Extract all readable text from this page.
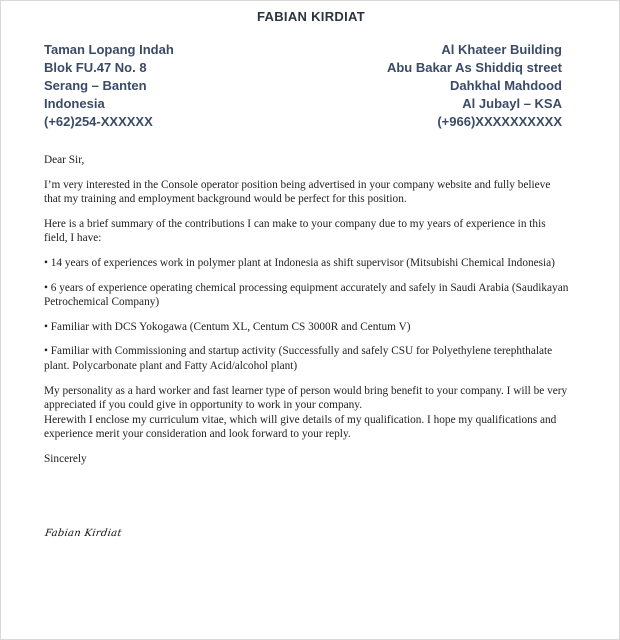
FABIAN KIRDIAT
Taman Lopang Indah
Blok FU.47 No. 8
Serang – Banten
Indonesia
(+62)254-XXXXXX
Al Khateer Building
Abu Bakar As Shiddiq street
Dahkhal Mahdood
Al Jubayl – KSA
(+966)XXXXXXXXXX

Dear Sir,

I’m very interested in the Console operator position being advertised in your company website and fully believe that my training and employment background would be perfect for this position.

Here is a brief summary of the contributions I can make to your company due to my years of experience in this field, I have:

• 14 years of experiences work in polymer plant at Indonesia as shift supervisor (Mitsubishi Chemical Indonesia)

• 6 years of experience operating chemical processing equipment accurately and safely in Saudi Arabia (Saudikayan Petrochemical Company)

• Familiar with DCS Yokogawa (Centum XL, Centum CS 3000R and Centum V)

• Familiar with Commissioning and startup activity (Successfully and safely CSU for Polyethylene terephthalate plant. Polycarbonate plant and Fatty Acid/alcohol plant)

My personality as a hard worker and fast learner type of person would bring benefit to your company. I will be very appreciated if you could give in opportunity to work in your company.

Herewith I enclose my curriculum vitae, which will give details of my qualification. I hope my qualifications and experience merit your consideration and look forward to your reply.

Sincerely

Fabian Kirdiat
